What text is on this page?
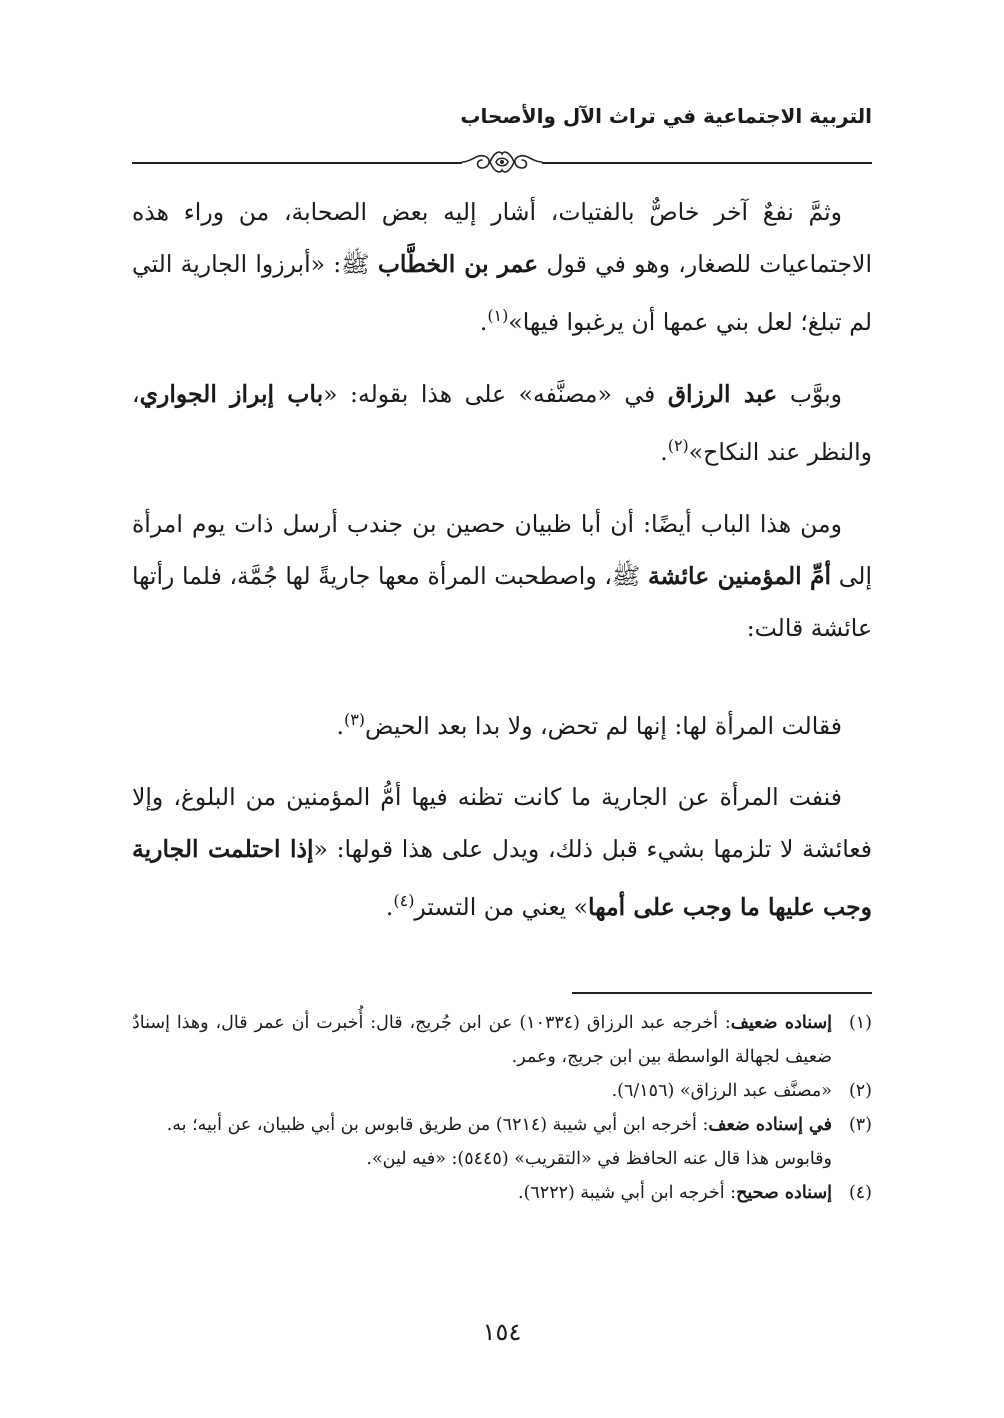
التربية الاجتماعية في تراث الآل والأصحاب

وثمَّ نفعٌ آخر خاصٌّ بالفتيات، أشار إليه بعض الصحابة، من وراء هذه الاجتماعيات للصغار، وهو في قول عمر بن الخطَّاب ﷺ: «أبرزوا الجارية التي لم تبلغ؛ لعل بني عمها أن يرغبوا فيها»$^{(١)}$.

وبوَّب عبد الرزاق في «مصنَّفه» على هذا بقوله: «باب إبراز الجواري، والنظر عند النكاح»$^{(٢)}$.

ومن هذا الباب أيضًا: أن أبا ظبيان حصين بن جندب أرسل ذات يوم امرأة إلى أمِّ المؤمنين عائشة ﷺ، واصطحبت المرأة معها جاريةً لها جُمَّة، فلما رأتها عائشة قالت:

فقالت المرأة لها: إنها لم تحض، ولا بدا بعد الحيض$^{(٣)}$.

فنفت المرأة عن الجارية ما كانت تظنه فيها أمُّ المؤمنين من البلوغ، وإلا فعائشة لا تلزمها بشيء قبل ذلك، ويدل على هذا قولها: «إذا احتلمت الجارية وجب عليها ما وجب على أمها» يعني من التستر$^{(٤)}$.

(١)

إسناده ضعيف: أخرجه عبد الرزاق (١٠٣٣٤) عن ابن جُريج، قال: أُخبرت أن عمر قال، وهذا إسنادٌ ضعيف لجهالة الواسطة بين ابن جريج، وعمر.

(٢)

«مصنَّف عبد الرزاق» (٦/١٥٦).

(٣)

في إسناده ضعف: أخرجه ابن أبي شيبة (٦٢١٤) من طريق قابوس بن أبي ظبيان، عن أبيه؛ به.

وقابوس هذا قال عنه الحافظ في «التقريب» (٥٤٤٥): «فيه لين».

(٤)

إسناده صحيح: أخرجه ابن أبي شيبة (٦٢٢٢).

١٥٤
